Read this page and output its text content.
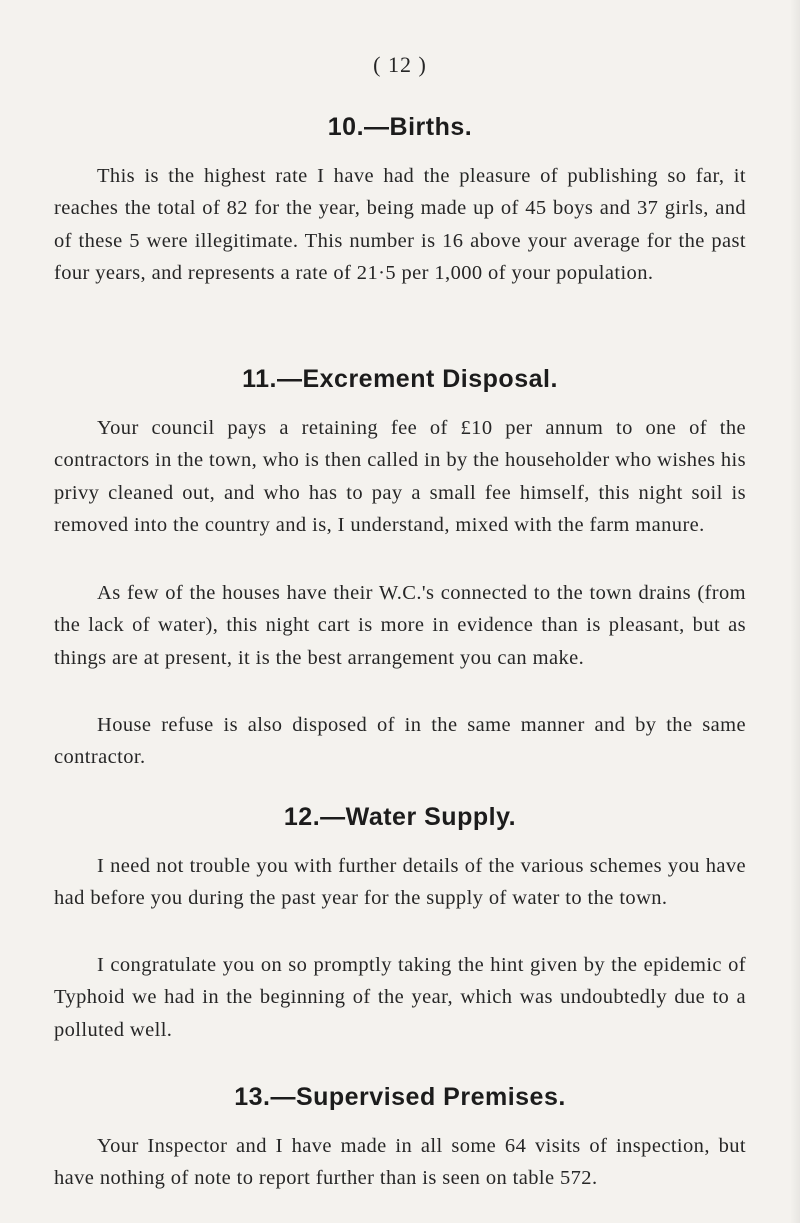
( 12 )
10.—Births.
This is the highest rate I have had the pleasure of publishing so far, it reaches the total of 82 for the year, being made up of 45 boys and 37 girls, and of these 5 were illegitimate. This number is 16 above your average for the past four years, and represents a rate of 21·5 per 1,000 of your population.
11.—Excrement Disposal.
Your council pays a retaining fee of £10 per annum to one of the contractors in the town, who is then called in by the householder who wishes his privy cleaned out, and who has to pay a small fee himself, this night soil is removed into the country and is, I understand, mixed with the farm manure.
As few of the houses have their W.C.'s connected to the town drains (from the lack of water), this night cart is more in evidence than is pleasant, but as things are at present, it is the best arrangement you can make.
House refuse is also disposed of in the same manner and by the same contractor.
12.—Water Supply.
I need not trouble you with further details of the various schemes you have had before you during the past year for the supply of water to the town.
I congratulate you on so promptly taking the hint given by the epidemic of Typhoid we had in the beginning of the year, which was undoubtedly due to a polluted well.
13.—Supervised Premises.
Your Inspector and I have made in all some 64 visits of inspection, but have nothing of note to report further than is seen on table 572.
